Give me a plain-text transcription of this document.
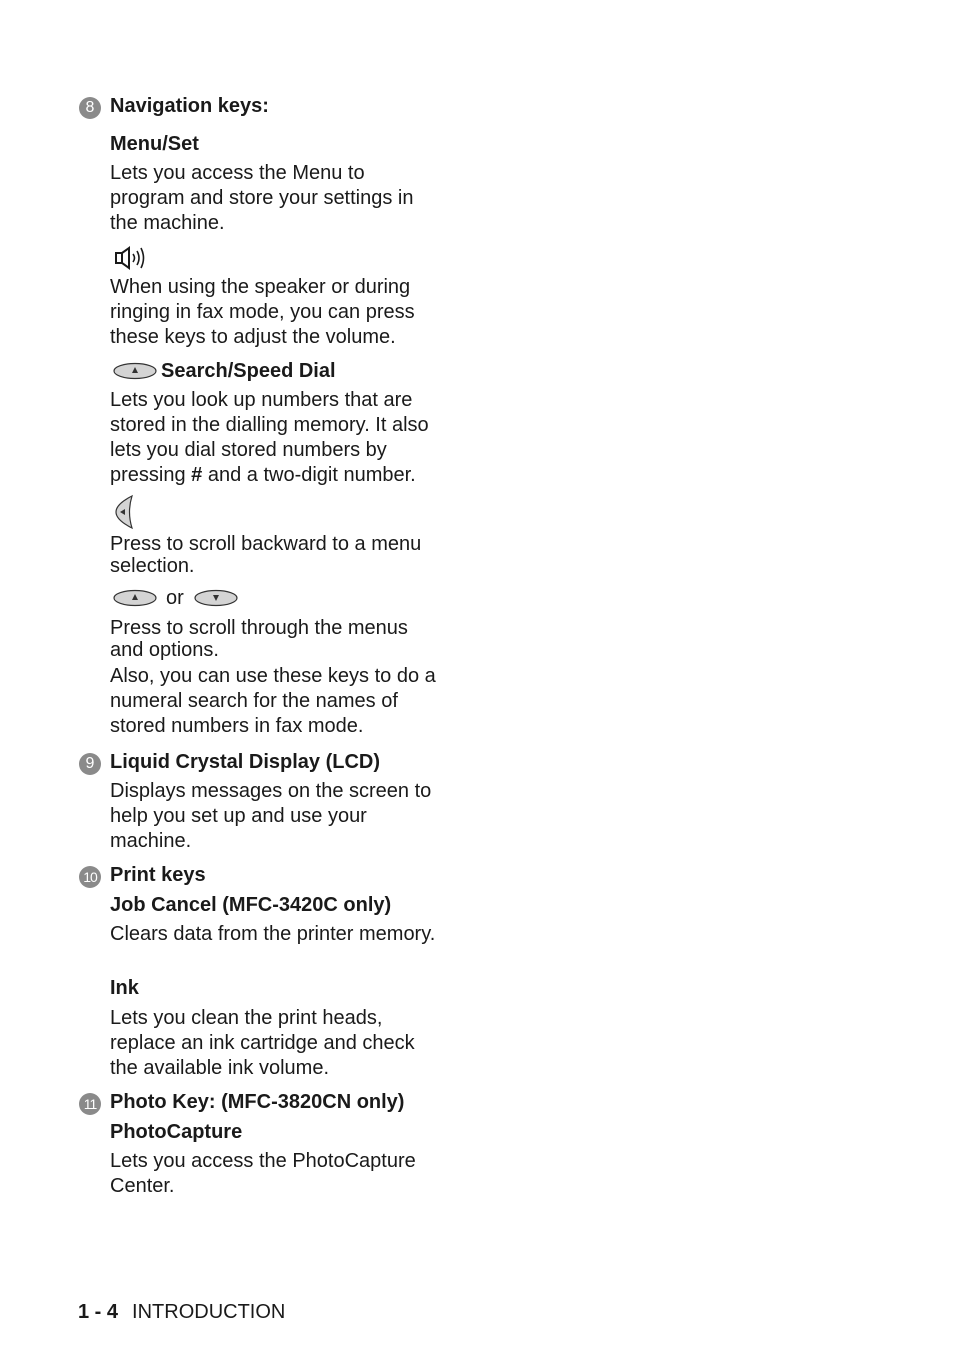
8 Navigation keys:
Menu/Set
Lets you access the Menu to program and store your settings in the machine.
When using the speaker or during ringing in fax mode, you can press these keys to adjust the volume.
Search/Speed Dial
Lets you look up numbers that are stored in the dialling memory. It also lets you dial stored numbers by pressing # and a two-digit number.
Press to scroll backward to a menu selection.
or
Press to scroll through the menus and options.
Also, you can use these keys to do a numeral search for the names of stored numbers in fax mode.
9 Liquid Crystal Display (LCD)
Displays messages on the screen to help you set up and use your machine.
10 Print keys
Job Cancel (MFC-3420C only)
Clears data from the printer memory.
Ink
Lets you clean the print heads, replace an ink cartridge and check the available ink volume.
11 Photo Key: (MFC-3820CN only)
PhotoCapture
Lets you access the PhotoCapture Center.
1 - 4 INTRODUCTION
